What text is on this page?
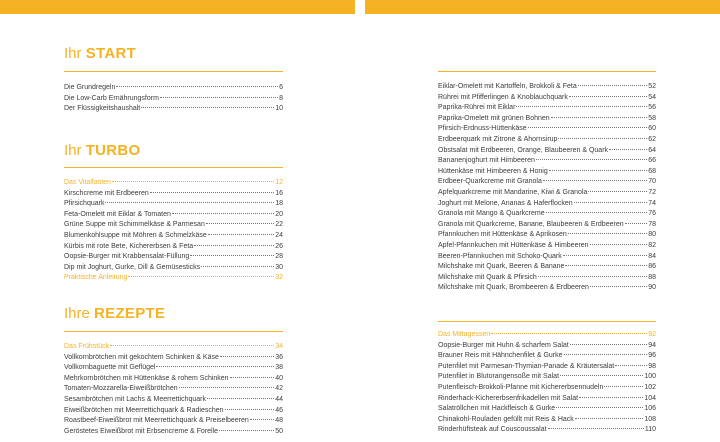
Ihr START
Die Grundregeln	6
Die Low-Carb Ernährungsform	8
Der Flüssigkeitshaushalt	10
Ihr TURBO
Das Vitalfasten	12
Kirschcreme mit Erdbeeren	16
Pfirsichquark	18
Feta-Omelett mit Eiklar & Tomaten	20
Grüne Suppe mit Schimmelkäse & Parmesan	22
Blumenkohlsuppe mit Möhren & Schmelzkäse	24
Kürbis mit rote Bete, Kichererbsen & Feta	26
Oopsie-Burger mit Krabbensalat-Füllung	28
Dip mit Joghurt, Gurke, Dill & Gemüsesticks	30
Praktische Anleitung	32
Ihre REZEPTE
Das Frühstück	34
Vollkornbrötchen mit gekochtem Schinken & Käse	36
Vollkornbaguette mit Geflügel	38
Mehrkornbrötchen mit Hüttenkäse & rohem Schinken	40
Tomaten-Mozzarella-Eiweißbrötchen	42
Sesambrötchen mit Lachs & Meerrettichquark	44
Eiweißbrötchen mit Meerrettichquark & Radieschen	46
Roastbeef-Eiweißbrot mit Meerrettichquark & Preiselbeeren	48
Geröstetes Eiweißbrot mit Erbsencreme & Forelle	50
Eiklar-Omelett mit Kartoffeln, Brokkoli & Feta	52
Rührei mit Pfifferlingen & Knoblauchquark	54
Paprika-Rührei mit Eiklar	56
Paprika-Omelett mit grünen Bohnen	58
Pfirsich-Erdnuss-Hüttenkäse	60
Erdbeerquark mit Zitrone & Ahornsirup	62
Obstsalat mit Erdbeeren, Orange, Blaubeeren & Quark	64
Bananenjoghurt mit Himbeeren	66
Hüttenkäse mit Himbeeren & Honig	68
Erdbeer-Quarkcreme mit Granola	70
Apfelquarkcreme mit Mandarine, Kiwi & Granola	72
Joghurt mit Melone, Ananas & Haferflocken	74
Granola mit Mango & Quarkcreme	76
Granola mit Quarkcreme, Banane, Blaubeeren & Erdbeeren	78
Pfannkuchen mit Hüttenkäse & Aprikosen	80
Apfel-Pfannkuchen mit Hüttenkäse & Himbeeren	82
Beeren-Pfannkuchen mit Schoko-Quark	84
Milchshake mit Quark, Beeren & Banane	86
Milchshake mit Quark & Pfirsich	88
Milchshake mit Quark, Brombeeren & Erdbeeren	90
Das Mittagessen	92
Oopsie-Burger mit Huhn & scharfem Salat	94
Brauner Reis mit Hähnchenfilet & Gurke	96
Putenfilet mit Parmesan-Thymian-Panade & Kräutersalat	98
Putenfilet in Blutorangensoße mit Salat	100
Putenfleisch-Brokkoli-Pfanne mit Kichererbsennudeln	102
Rinderhack-Kichererbsenfrikadellen mit Salat	104
Salatröllchen mit Hackfleisch & Gurke	106
Chinakohl-Rouladen gefüllt mit Reis & Hack	108
Rinderhüftsteak auf Couscoussalat	110
